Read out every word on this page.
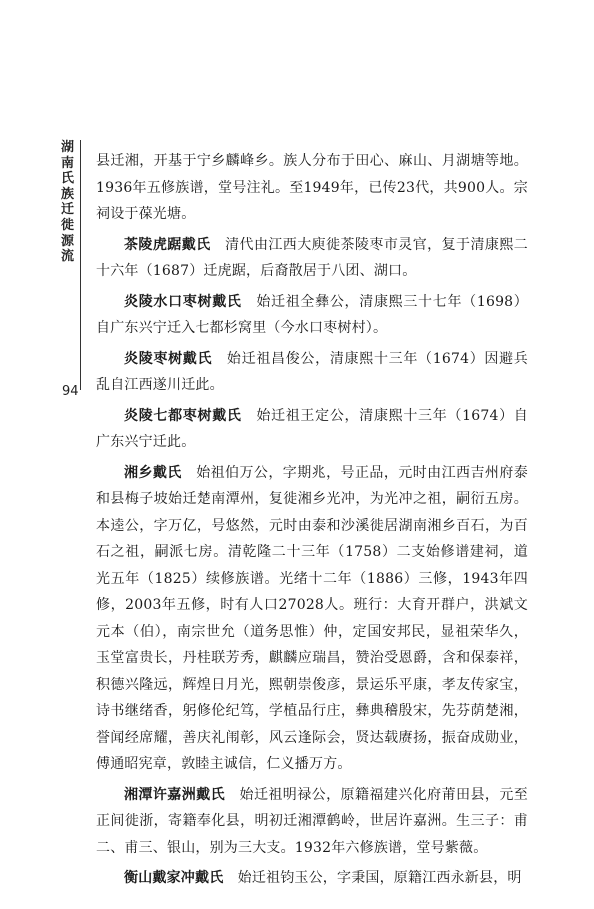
湖南氏族迁徙源流
94

县迁湘，开基于宁乡麟峰乡。族人分布于田心、麻山、月湖塘等地。1936年五修族谱，堂号注礼。至1949年，已传23代，共900人。宗祠设于葆光塘。

茶陵虎踞戴氏  清代由江西大庾徙茶陵枣市灵官，复于清康熙二十六年（1687）迁虎踞，后裔散居于八团、湖口。

炎陵水口枣树戴氏  始迁祖全彝公，清康熙三十七年（1698）自广东兴宁迁入七都杉窝里（今水口枣树村）。

炎陵枣树戴氏  始迁祖昌俊公，清康熙十三年（1674）因避兵乱自江西遂川迁此。

炎陵七都枣树戴氏  始迁祖王定公，清康熙十三年（1674）自广东兴宁迁此。

湘乡戴氏  始祖伯万公，字期兆，号正品，元时由江西吉州府泰和县梅子坡始迁楚南潭州，复徙湘乡光冲，为光冲之祖，嗣衍五房。本逵公，字万亿，号悠然，元时由泰和沙溪徙居湖南湘乡百石，为百石之祖，嗣派七房。清乾隆二十三年（1758）二支始修谱建祠，道光五年（1825）续修族谱。光绪十二年（1886）三修，1943年四修，2003年五修，时有人口27028人。班行：大育开群户，洪斌文元本（伯），南宗世允（道务思惟）仲，定国安邦民，显祖荣华久，玉堂富贵长，丹桂联芳秀，麒麟应瑞昌，赞治受恩爵，含和保泰祥，积德兴隆远，辉煌日月光，熙朝崇俊彦，景运乐平康，孝友传家宝，诗书继绪香，躬修伦纪笃，学植品行庄，彝典稽殷宋，先芬荫楚湘，誉闻经席耀，善庆礼闱彰，风云逢际会，贤达载赓扬，振奋成勋业，傅通昭宪章，敦睦主诚信，仁义播万方。

湘潭许嘉洲戴氏  始迁祖明禄公，原籍福建兴化府莆田县，元至正间徙浙，寄籍奉化县，明初迁湘潭鹤岭，世居许嘉洲。生三子：甫二、甫三、银山，别为三大支。1932年六修族谱，堂号紫薇。

衡山戴家冲戴氏  始迁祖钧玉公，字秉国，原籍江西永新县，明
